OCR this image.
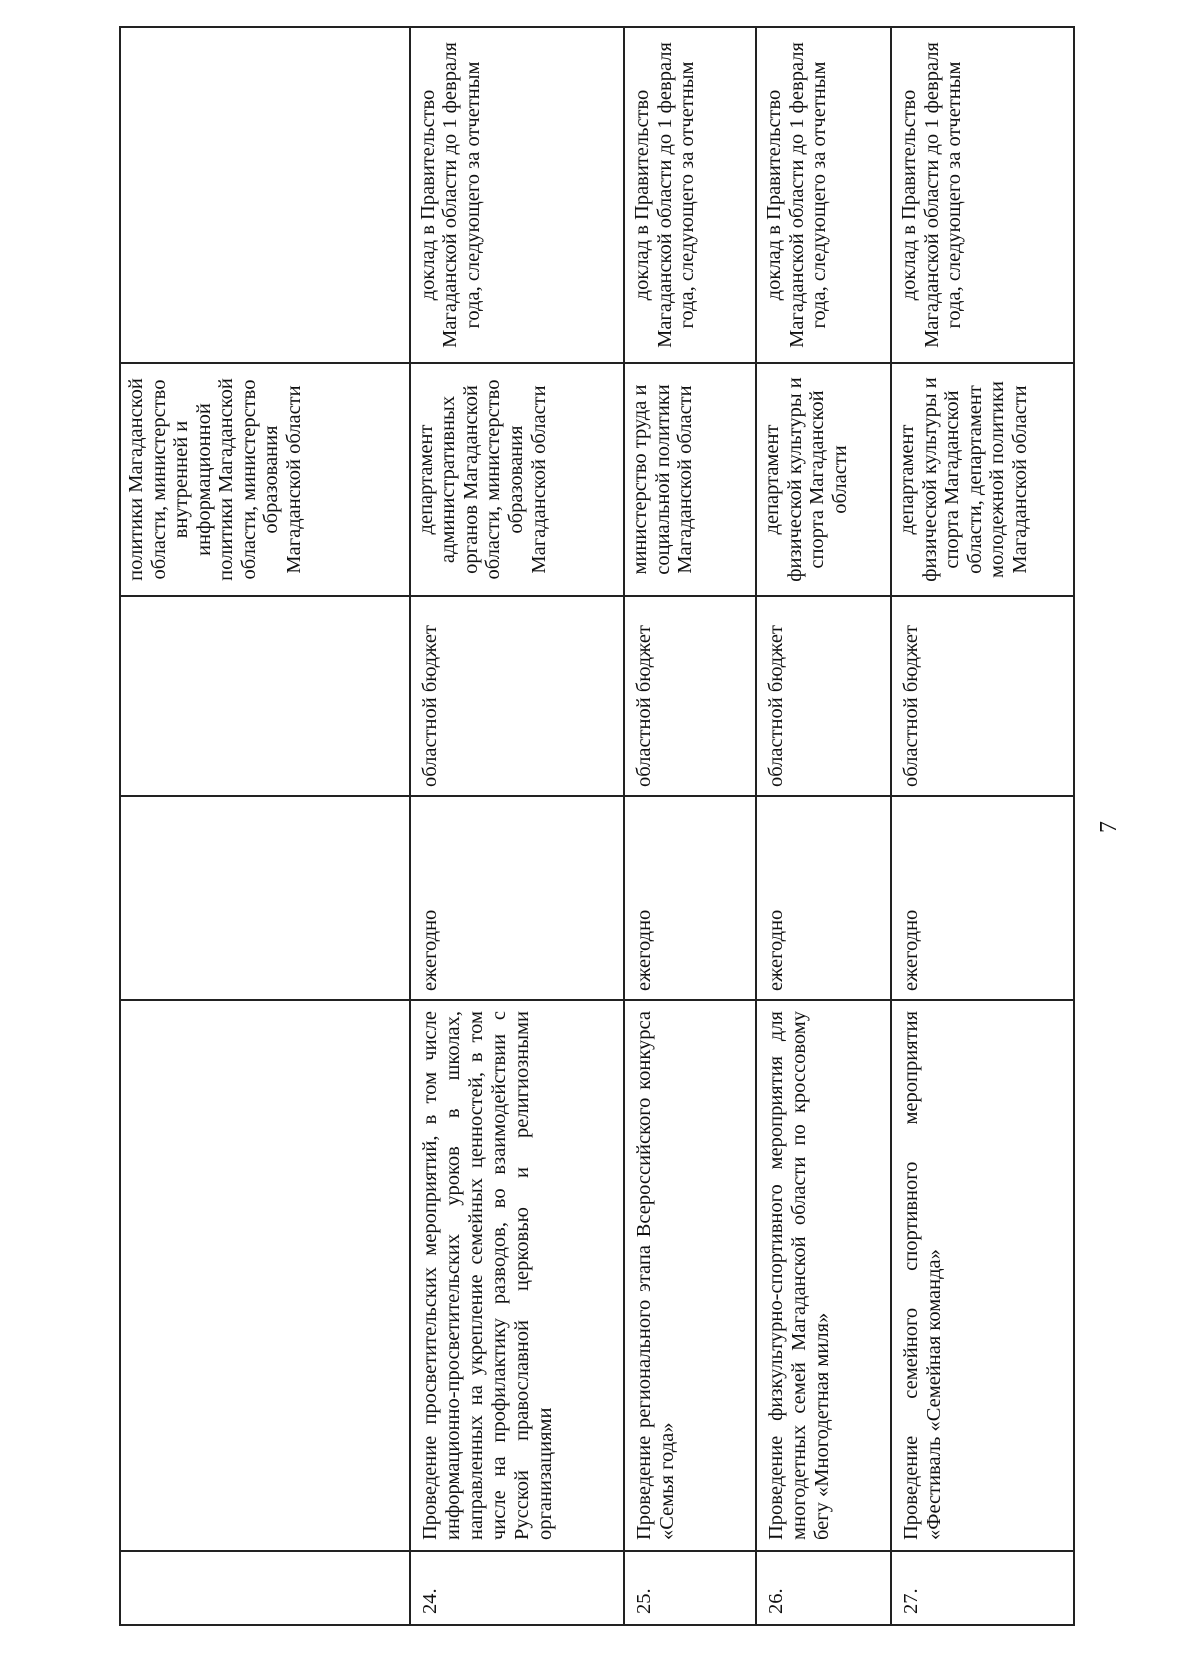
7

				политики Магаданской области, министерство внутренней и информационной политики Магаданской области, министерство образования Магаданской области	

24.	Проведение просветительских мероприятий, в том числе информационно-просветительских уроков в школах, направленных на укрепление семейных ценностей, в том числе на профилактику разводов, во взаимодействии с Русской православной церковью и религиозными организациями	ежегодно	областной бюджет	департамент административных органов Магаданской области, министерство образования Магаданской области	доклад в Правительство Магаданской области до 1 февраля года, следующего за отчетным

25.	Проведение регионального этапа Всероссийского конкурса «Семья года»	ежегодно	областной бюджет	министерство труда и социальной политики Магаданской области	доклад в Правительство Магаданской области до 1 февраля года, следующего за отчетным

26.	Проведение физкультурно-спортивного мероприятия для многодетных семей Магаданской области по кроссовому бегу «Многодетная миля»	ежегодно	областной бюджет	департамент физической культуры и спорта Магаданской области	доклад в Правительство Магаданской области до 1 февраля года, следующего за отчетным

27.	Проведение семейного спортивного мероприятия «Фестиваль «Семейная команда»	ежегодно	областной бюджет	департамент физической культуры и спорта Магаданской области, департамент молодежной политики Магаданской области	доклад в Правительство Магаданской области до 1 февраля года, следующего за отчетным
